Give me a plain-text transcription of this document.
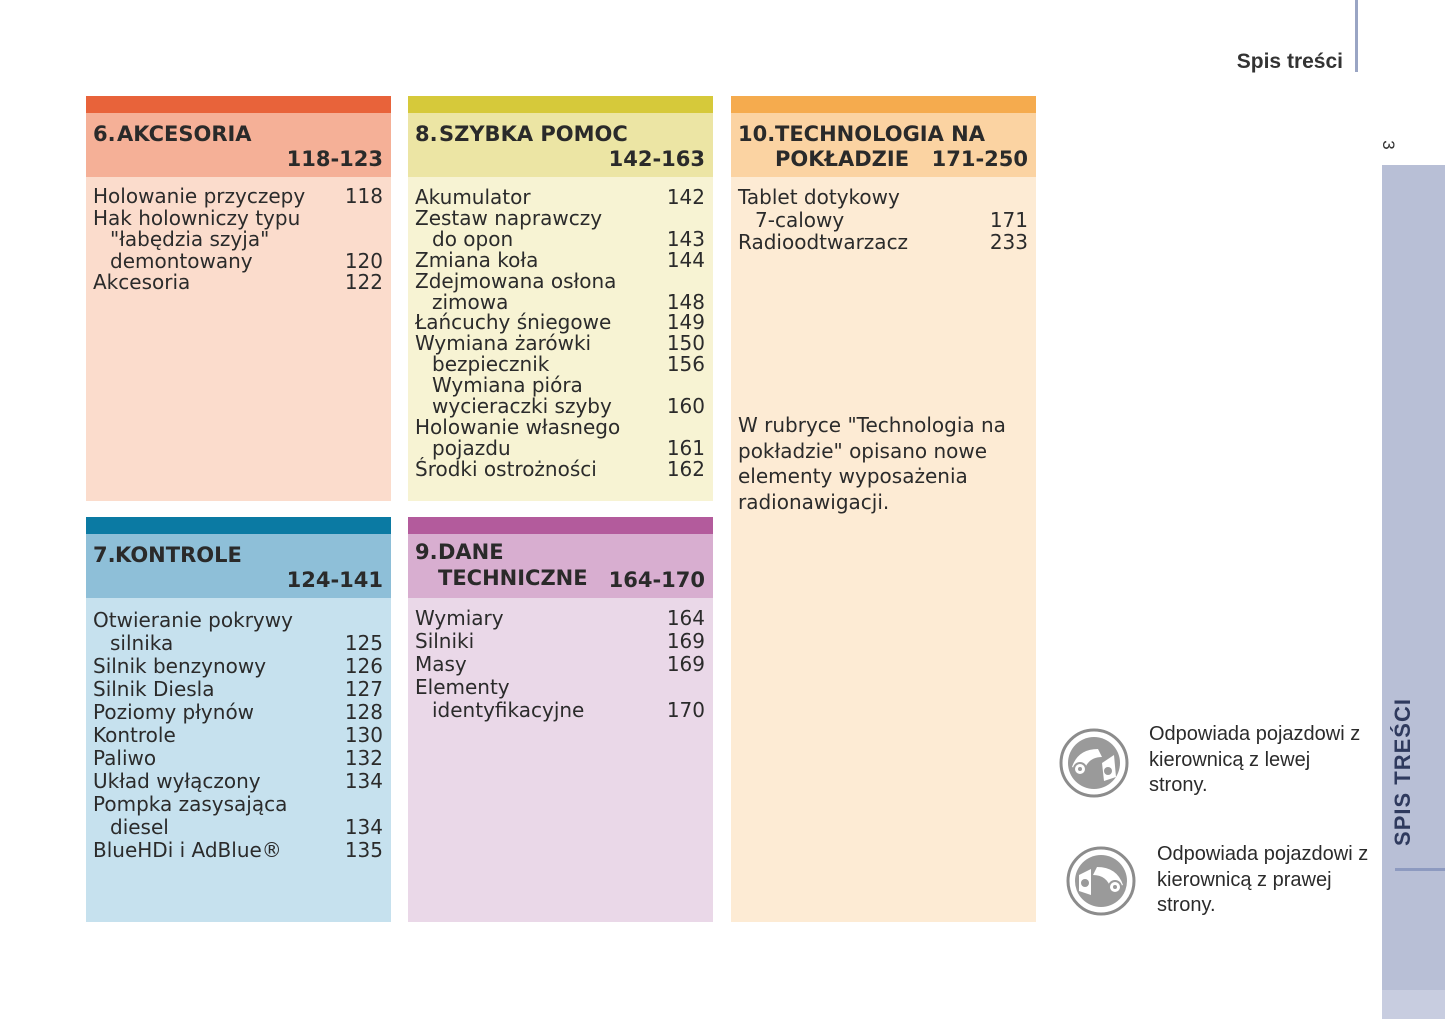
Spis treści
3
SPIS TREŚCI
6. AKCESORIA
118-123
Holowanie przyczepy 118
Hak holowniczy typu
"łabędzia szyja"
demontowany	120
Akcesoria	122
7. KONTROLE
124-141
Otwieranie pokrywy
silnika	125
Silnik benzynowy	126
Silnik Diesla	127
Poziomy płynów	128
Kontrole	130
Paliwo	132
Układ wyłączony	134
Pompka zasysająca
diesel	134
BlueHDi i AdBlue®	135
8. SZYBKA POMOC
142-163
Akumulator	142
Zestaw naprawczy
do opon	143
Zmiana koła	144
Zdejmowana osłona
zimowa	148
Łańcuchy śniegowe	149
Wymiana żarówki	150
bezpiecznik	156
Wymiana pióra
wycieraczki szyby	160
Holowanie własnego
pojazdu	161
Środki ostrożności	162
9. DANE
TECHNICZNE 164-170
Wymiary	164
Silniki	169
Masy	169
Elementy
identyfikacyjne	170
10. TECHNOLOGIA NA
POKŁADZIE 171-250
Tablet dotykowy
7-calowy	171
Radioodtwarzacz	233
W rubryce "Technologia na pokładzie" opisano nowe elementy wyposażenia radionawigacji.
Odpowiada pojazdowi z kierownicą z lewej strony.
Odpowiada pojazdowi z kierownicą z prawej strony.
